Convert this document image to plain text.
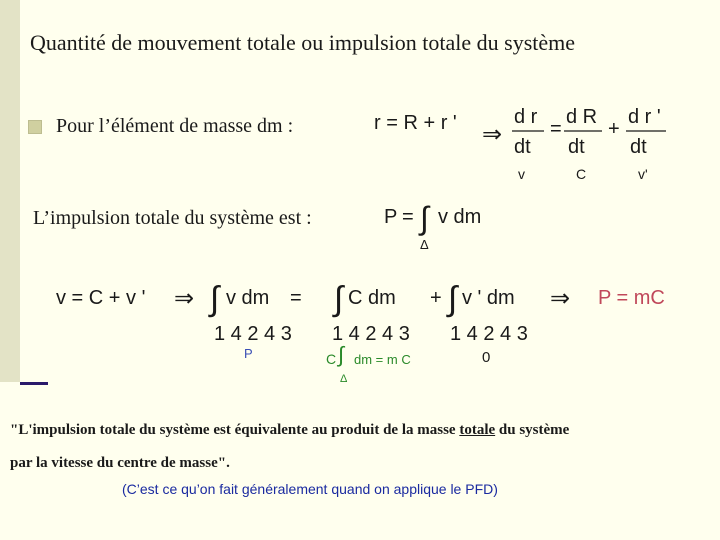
Quantité de mouvement totale ou impulsion totale du système
Pour l’élément de masse dm :	r = R + r ' ⇒
d r
dt
=
d R
dt
+
d r '
dt
v	C	v'
L’impulsion totale du système est :	P = ∫ v dm
Δ
v = C + v ' ⇒ ∫ v dm = ∫ C dm + ∫ v ' dm ⇒ P = mC
1 4 2 4 3 1 4 2 4 3 1 4 2 4 3
P	0
C ∫ dm = m C
Δ
"L'impulsion totale du système est équivalente au produit de la masse totale du système
par la vitesse du centre de masse".
(C’est ce qu’on fait généralement quand on applique le PFD)
